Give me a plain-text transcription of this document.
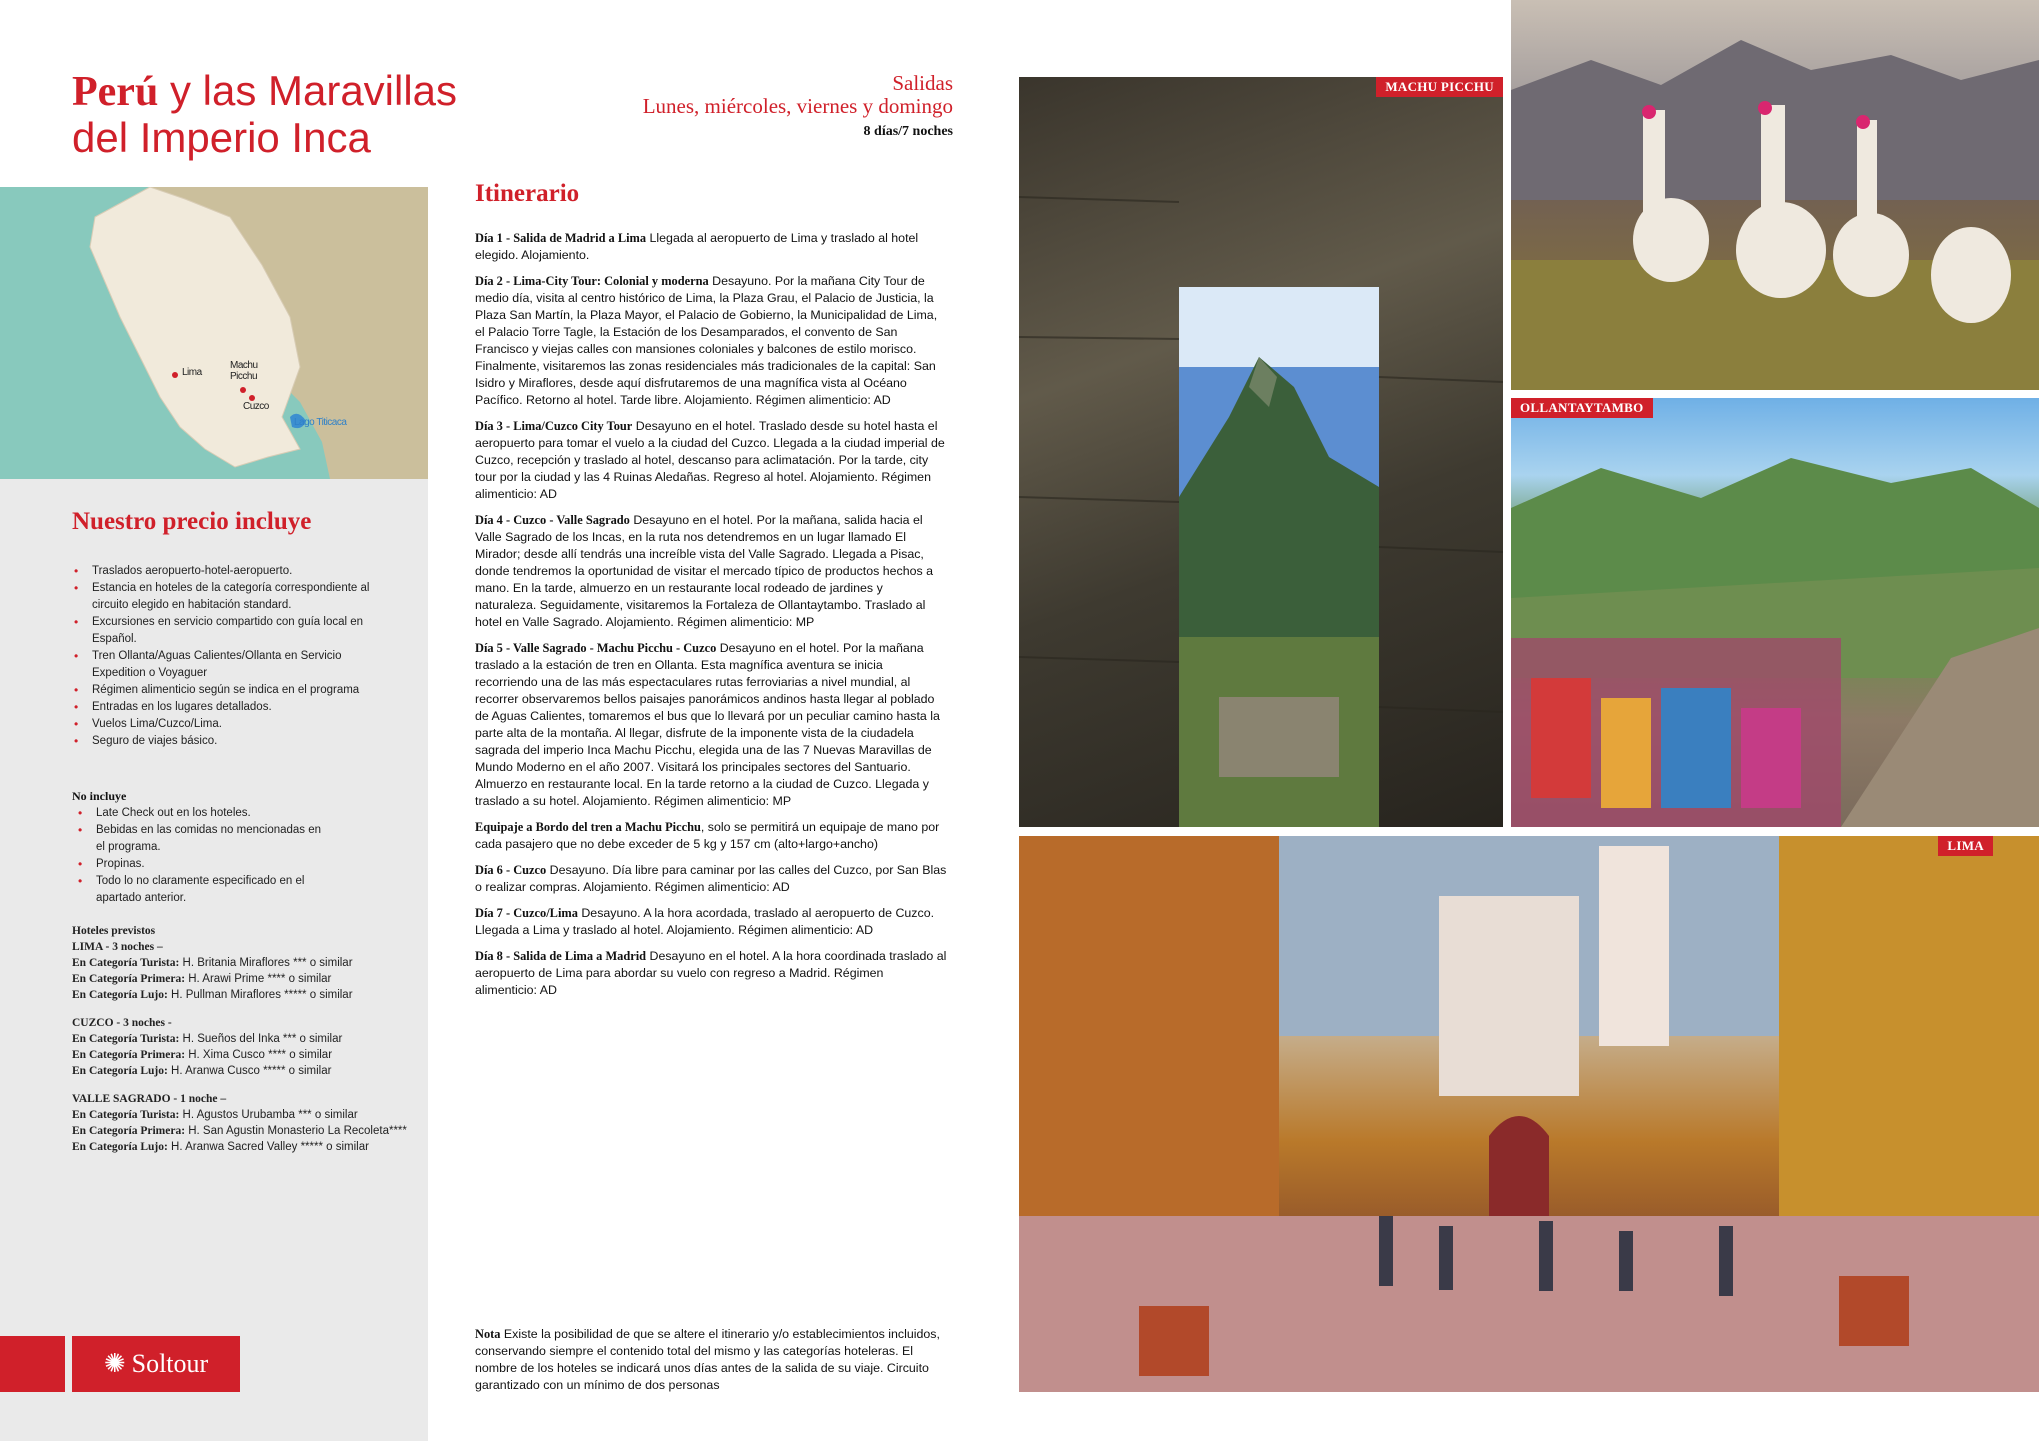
Perú y las Maravillas
del Imperio Inca
Lima
Machu Picchu
Cuzco
Lago Titicaca
Nuestro precio incluye
• Traslados aeropuerto-hotel-aeropuerto.
• Estancia en hoteles de la categoría correspondiente al circuito elegido en habitación standard.
• Excursiones en servicio compartido con guía local en Español.
• Tren Ollanta/Aguas Calientes/Ollanta en Servicio Expedition o Voyaguer
• Régimen alimenticio según se indica en el programa
• Entradas en los lugares detallados.
• Vuelos Lima/Cuzco/Lima.
• Seguro de viajes básico.
No incluye
• Late Check out en los hoteles.
• Bebidas en las comidas no mencionadas en el programa.
• Propinas.
• Todo lo no claramente especificado en el apartado anterior.
Hoteles previstos
LIMA - 3 noches –
En Categoría Turista: H. Britania Miraflores *** o similar
En Categoría Primera: H. Arawi Prime **** o similar
En Categoría Lujo: H. Pullman Miraflores ***** o similar
CUZCO - 3 noches -
En Categoría Turista: H. Sueños del Inka *** o similar
En Categoría Primera: H. Xima Cusco **** o similar
En Categoría Lujo: H. Aranwa Cusco ***** o similar
VALLE SAGRADO - 1 noche –
En Categoría Turista: H. Agustos Urubamba *** o similar
En Categoría Primera: H. San Agustin Monasterio La Recoleta****
En Categoría Lujo: H. Aranwa Sacred Valley ***** o similar
✺ Soltour
Salidas
Lunes, miércoles, viernes y domingo
8 días/7 noches
Itinerario

Día 1 - Salida de Madrid a Lima Llegada al aeropuerto de Lima y traslado al hotel elegido. Alojamiento.

Día 2 - Lima-City Tour: Colonial y moderna Desayuno. Por la mañana City Tour de medio día, visita al centro histórico de Lima, la Plaza Grau, el Palacio de Justicia, la Plaza San Martín, la Plaza Mayor, el Palacio de Gobierno, la Municipalidad de Lima, el Palacio Torre Tagle, la Estación de los Desamparados, el convento de San Francisco y viejas calles con mansiones coloniales y balcones de estilo morisco. Finalmente, visitaremos las zonas residenciales más tradicionales de la capital: San Isidro y Miraflores, desde aquí disfrutaremos de una magnífica vista al Océano Pacífico. Retorno al hotel. Tarde libre. Alojamiento. Régimen alimenticio: AD

Día 3 - Lima/Cuzco City Tour Desayuno en el hotel. Traslado desde su hotel hasta el aeropuerto para tomar el vuelo a la ciudad del Cuzco. Llegada a la ciudad imperial de Cuzco, recepción y traslado al hotel, descanso para aclimatación. Por la tarde, city tour por la ciudad y las 4 Ruinas Aledañas. Regreso al hotel. Alojamiento. Régimen alimenticio: AD

Día 4 - Cuzco - Valle Sagrado Desayuno en el hotel. Por la mañana, salida hacia el Valle Sagrado de los Incas, en la ruta nos detendremos en un lugar llamado El Mirador; desde allí tendrás una increíble vista del Valle Sagrado. Llegada a Pisac, donde tendremos la oportunidad de visitar el mercado típico de productos hechos a mano. En la tarde, almuerzo en un restaurante local rodeado de jardines y naturaleza. Seguidamente, visitaremos la Fortaleza de Ollantaytambo. Traslado al hotel en Valle Sagrado. Alojamiento. Régimen alimenticio: MP

Día 5 - Valle Sagrado - Machu Picchu - Cuzco Desayuno en el hotel. Por la mañana traslado a la estación de tren en Ollanta. Esta magnífica aventura se inicia recorriendo una de las más espectaculares rutas ferroviarias a nivel mundial, al recorrer observaremos bellos paisajes panorámicos andinos hasta llegar al poblado de Aguas Calientes, tomaremos el bus que lo llevará por un peculiar camino hasta la parte alta de la montaña. Al llegar, disfrute de la imponente vista de la ciudadela sagrada del imperio Inca Machu Picchu, elegida una de las 7 Nuevas Maravillas de Mundo Moderno en el año 2007. Visitará los principales sectores del Santuario. Almuerzo en restaurante local. En la tarde retorno a la ciudad de Cuzco. Llegada y traslado a su hotel. Alojamiento. Régimen alimenticio: MP

Equipaje a Bordo del tren a Machu Picchu, solo se permitirá un equipaje de mano por cada pasajero que no debe exceder de 5 kg y 157 cm (alto+largo+ancho)

Día 6 - Cuzco Desayuno. Día libre para caminar por las calles del Cuzco, por San Blas o realizar compras. Alojamiento. Régimen alimenticio: AD

Día 7 - Cuzco/Lima Desayuno. A la hora acordada, traslado al aeropuerto de Cuzco. Llegada a Lima y traslado al hotel. Alojamiento. Régimen alimenticio: AD

Día 8 - Salida de Lima a Madrid Desayuno en el hotel. A la hora coordinada traslado al aeropuerto de Lima para abordar su vuelo con regreso a Madrid. Régimen alimenticio: AD

Nota Existe la posibilidad de que se altere el itinerario y/o establecimientos incluidos, conservando siempre el contenido total del mismo y las categorías hoteleras. El nombre de los hoteles se indicará unos días antes de la salida de su viaje. Circuito garantizado con un mínimo de dos personas
MACHU PICCHU
OLLANTAYTAMBO
LIMA
